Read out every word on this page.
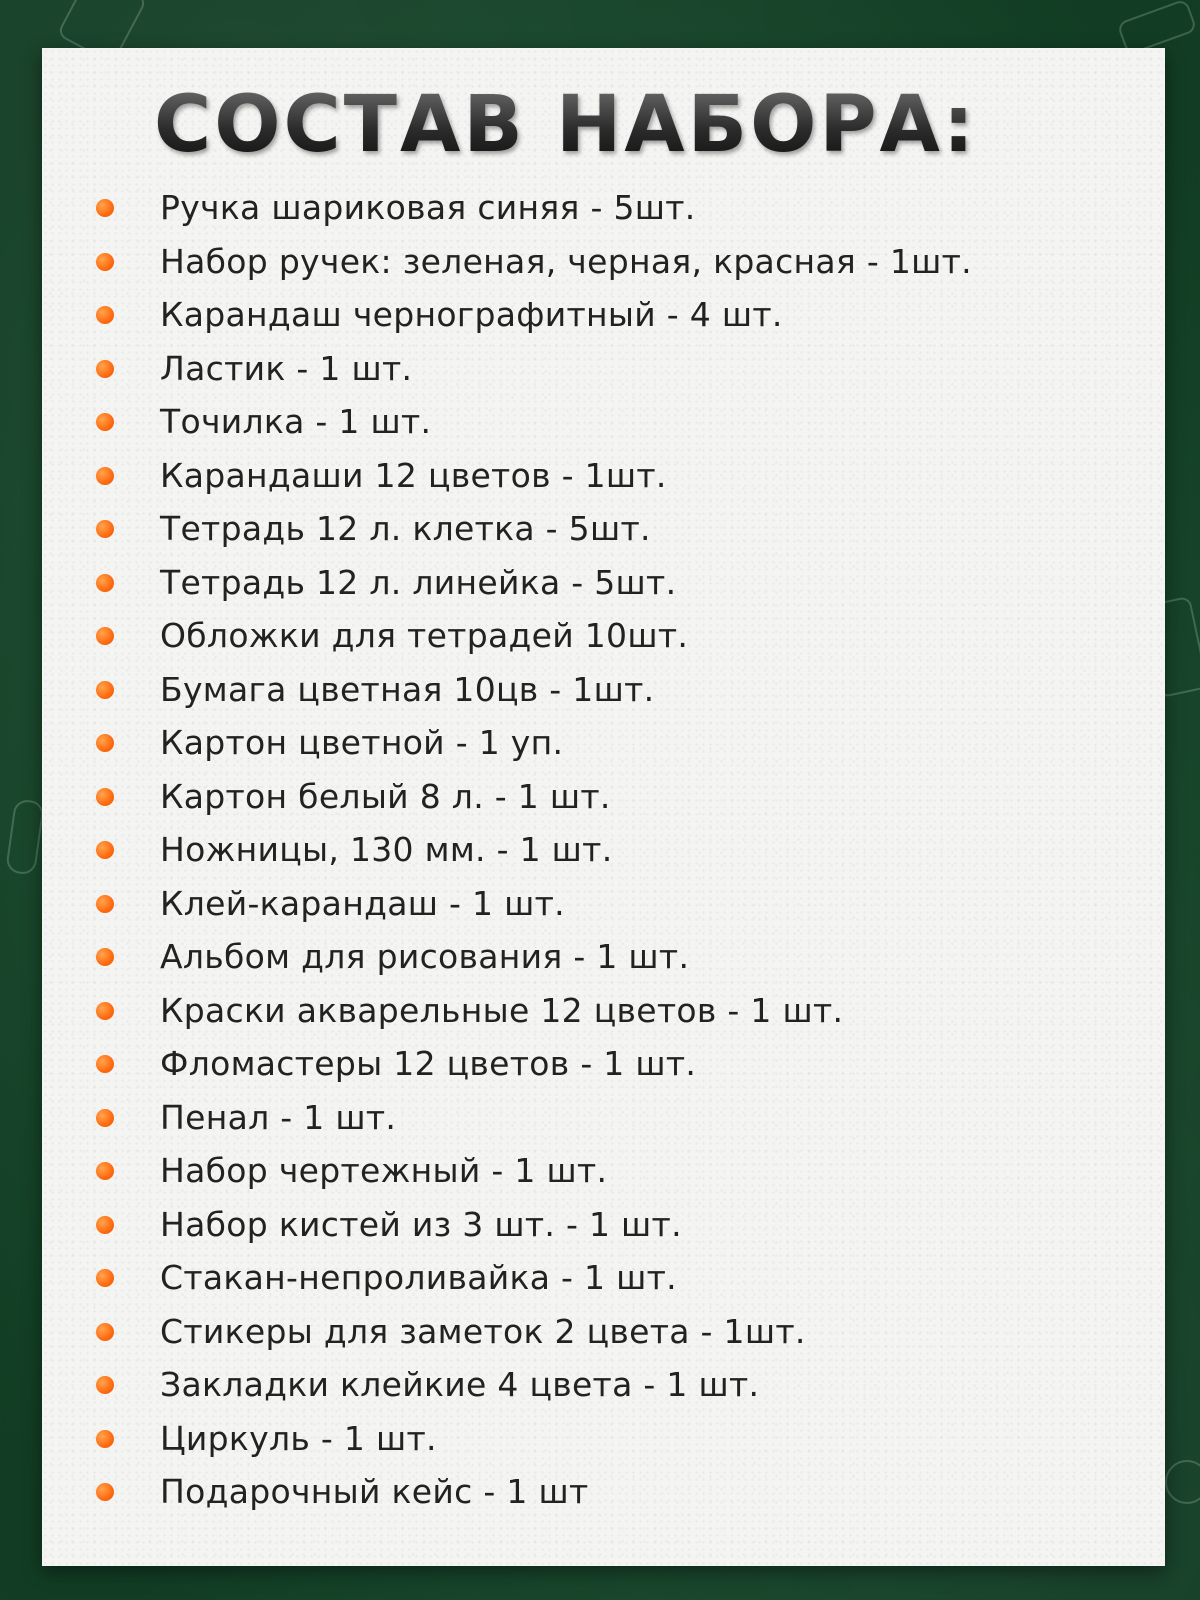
СОСТАВ НАБОРА:
Ручка шариковая синяя - 5шт.
Набор ручек: зеленая, черная, красная - 1шт.
Карандаш чернографитный - 4 шт.
Ластик - 1 шт.
Точилка - 1 шт.
Карандаши 12 цветов - 1шт.
Тетрадь 12 л. клетка - 5шт.
Тетрадь 12 л. линейка - 5шт.
Обложки для тетрадей 10шт.
Бумага цветная 10цв - 1шт.
Картон цветной - 1 уп.
Картон белый 8 л. - 1 шт.
Ножницы, 130 мм. - 1 шт.
Клей-карандаш - 1 шт.
Альбом для рисования - 1 шт.
Краски акварельные 12 цветов - 1 шт.
Фломастеры 12 цветов - 1 шт.
Пенал - 1 шт.
Набор чертежный - 1 шт.
Набор кистей из 3 шт. - 1 шт.
Стакан-непроливайка - 1 шт.
Стикеры для заметок 2 цвета - 1шт.
Закладки клейкие 4 цвета - 1 шт.
Циркуль - 1 шт.
Подарочный кейс - 1 шт
